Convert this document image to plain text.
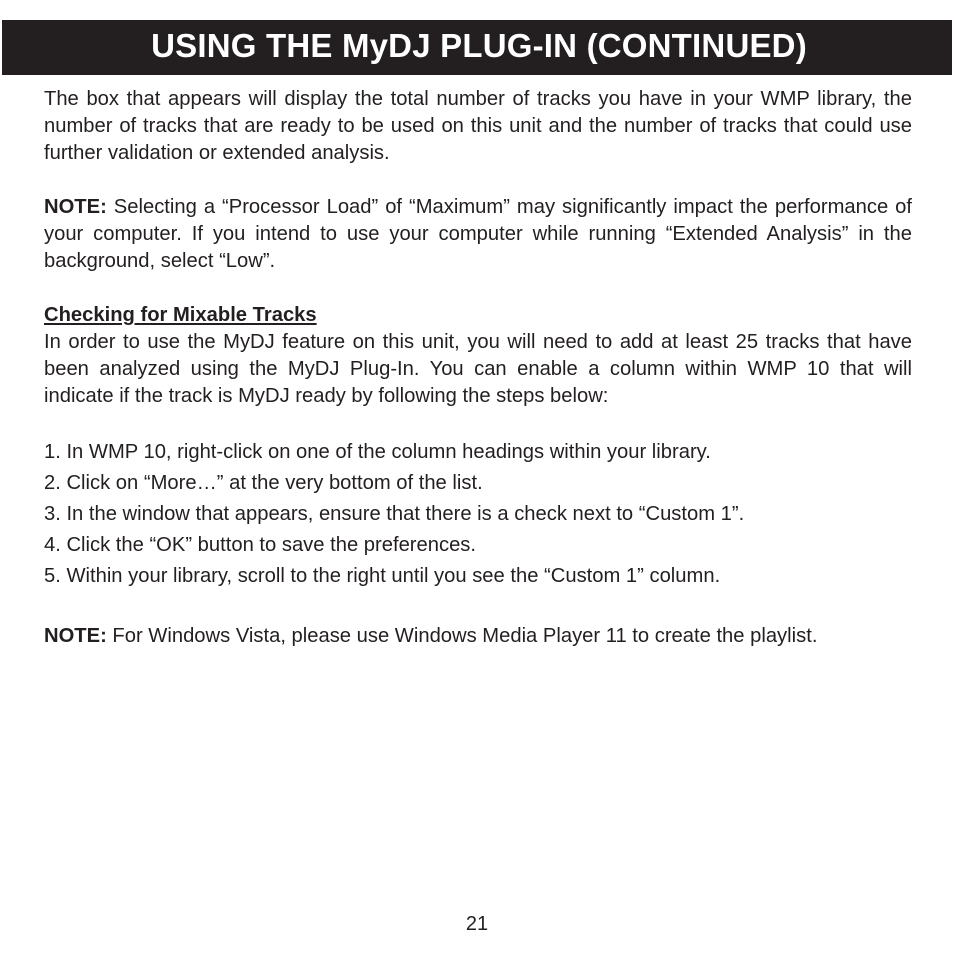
USING THE MyDJ PLUG-IN (CONTINUED)

The box that appears will display the total number of tracks you have in your WMP library, the number of tracks that are ready to be used on this unit and the number of tracks that could use further validation or extended analysis.

NOTE: Selecting a “Processor Load” of “Maximum” may significantly impact the performance of your computer. If you intend to use your computer while running “Extended Analysis” in the background, select “Low”.

Checking for Mixable Tracks

In order to use the MyDJ feature on this unit, you will need to add at least 25 tracks that have been analyzed using the MyDJ Plug-In. You can enable a column within WMP 10 that will indicate if the track is MyDJ ready by following the steps below:

1. In WMP 10, right-click on one of the column headings within your library.
2. Click on “More…” at the very bottom of the list.
3. In the window that appears, ensure that there is a check next to “Custom 1”.
4. Click the “OK” button to save the preferences.
5. Within your library, scroll to the right until you see the “Custom 1” column.

NOTE: For Windows Vista, please use Windows Media Player 11 to create the playlist.

21
